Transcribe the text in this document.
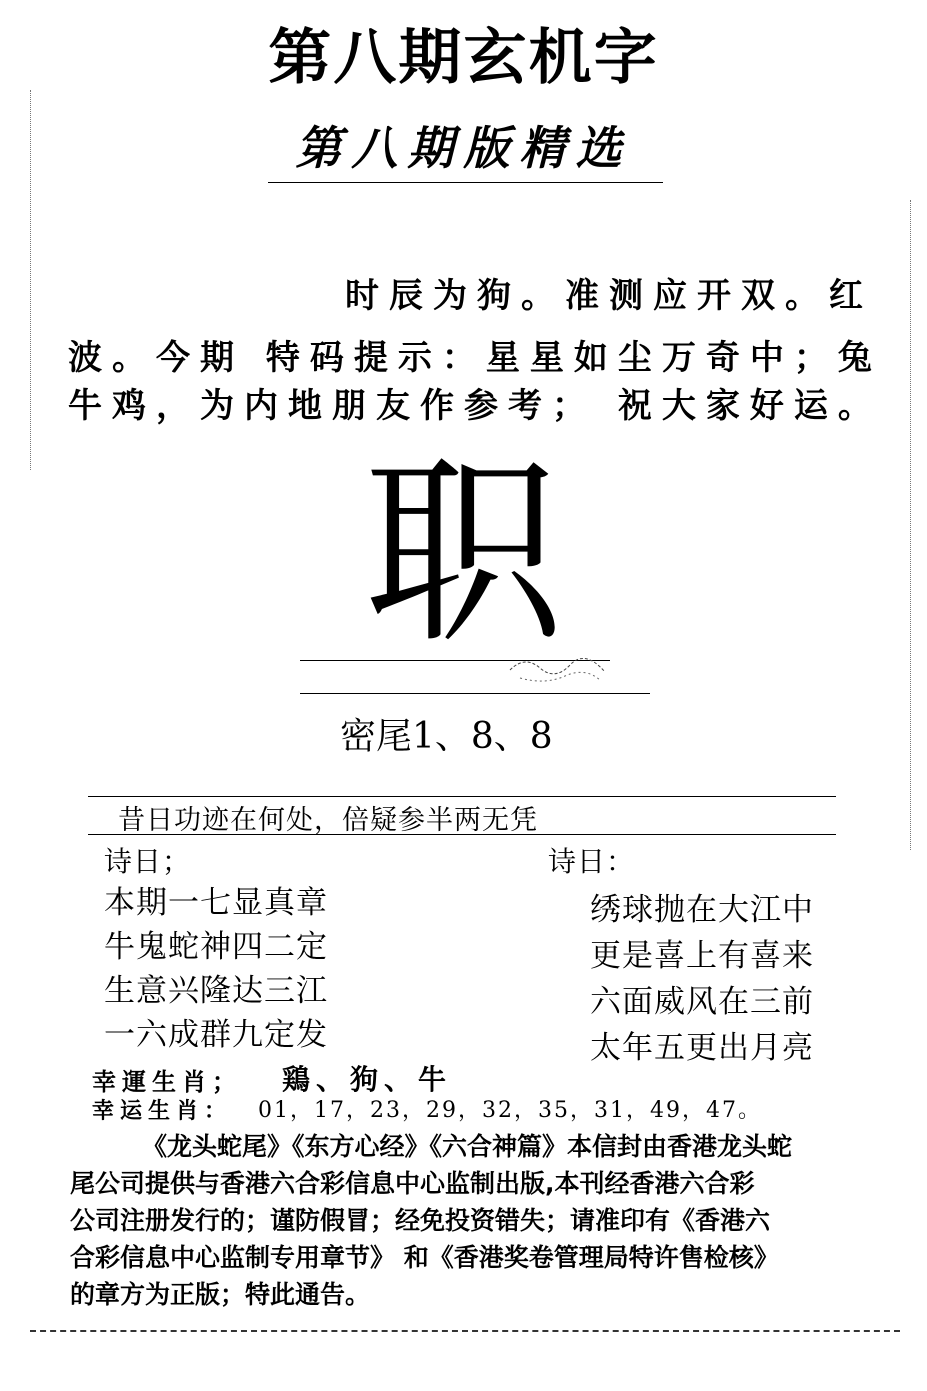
第八期玄机字
第八期版精选
时辰为狗。准测应开双。红
波。今期 特码提示：星星如尘万奇中；兔
牛鸡，为内地朋友作参考； 祝大家好运。
职
密尾1、8、8
昔日功迹在何处，倍疑参半两无凭
诗日；
本期一七显真章
牛鬼蛇神四二定
生意兴隆达三江
一六成群九定发
诗日：
绣球抛在大江中
更是喜上有喜来
六面威风在三前
太年五更出月亮
幸運生肖； 鶏、狗、牛
幸运生肖： 01，17，23，29，32，35，31，49，47。
《龙头蛇尾》《东方心经》《六合神篇》本信封由香港龙头蛇
尾公司提供与香港六合彩信息中心监制出版,本刊经香港六合彩
公司注册发行的；谨防假冒；经免投资错失；请准印有《香港六
合彩信息中心监制专用章节》 和《香港奖卷管理局特许售检核》
的章方为正版；特此通告。
